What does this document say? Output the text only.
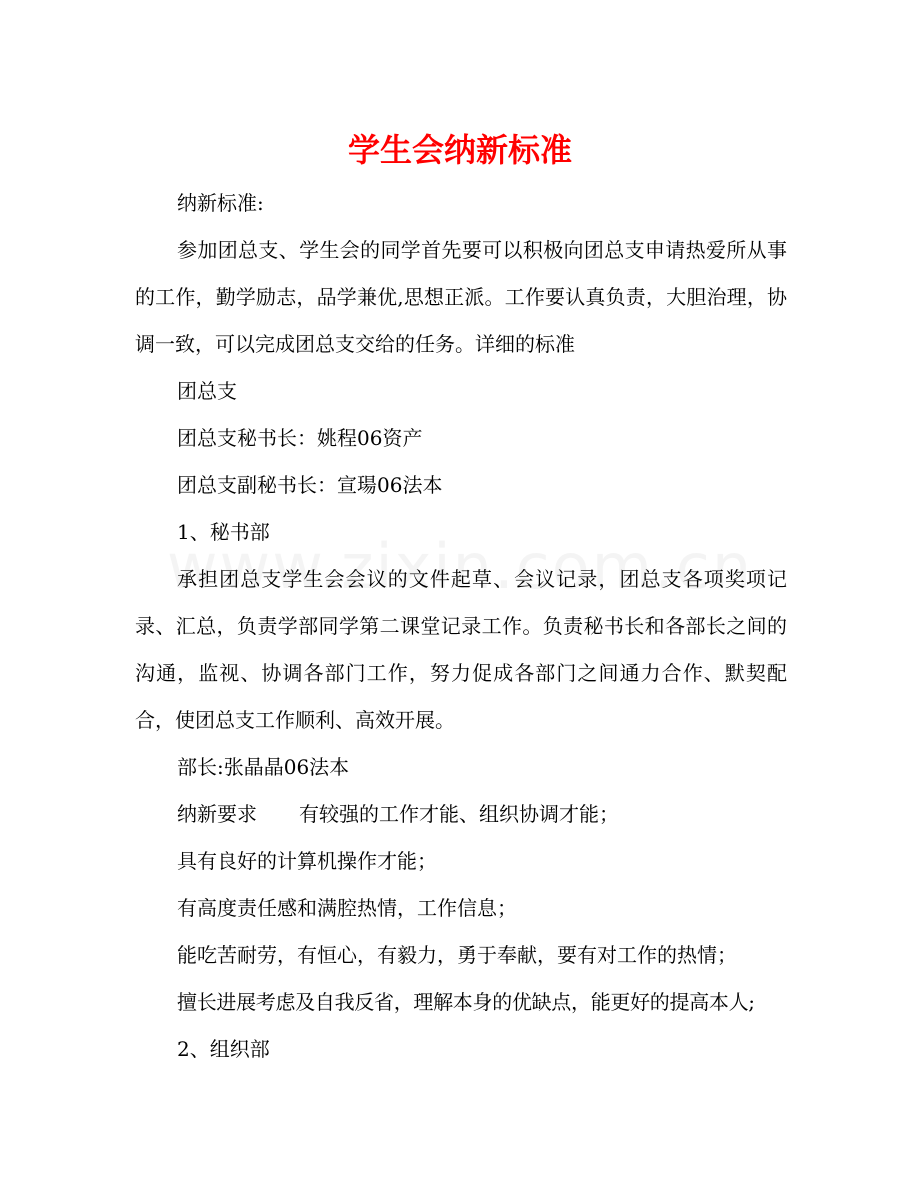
学生会纳新标准

纳新标准:

参加团总支、学生会的同学首先要可以积极向团总支申请热爱所从事的工作，勤学励志，品学兼优,思想正派。工作要认真负责，大胆治理，协调一致，可以完成团总支交给的任务。详细的标准

团总支

团总支秘书长：姚程06资产

团总支副秘书长：宣瑒06法本

1、秘书部

承担团总支学生会会议的文件起草、会议记录，团总支各项奖项记录、汇总，负责学部同学第二课堂记录工作。负责秘书长和各部长之间的沟通，监视、协调各部门工作，努力促成各部门之间通力合作、默契配合，使团总支工作顺利、高效开展。

部长:张晶晶06法本

纳新要求 有较强的工作才能、组织协调才能；

具有良好的计算机操作才能；

有高度责任感和满腔热情，工作信息；

能吃苦耐劳，有恒心，有毅力，勇于奉献，要有对工作的热情；

擅长进展考虑及自我反省，理解本身的优缺点，能更好的提高本人;

2、组织部
